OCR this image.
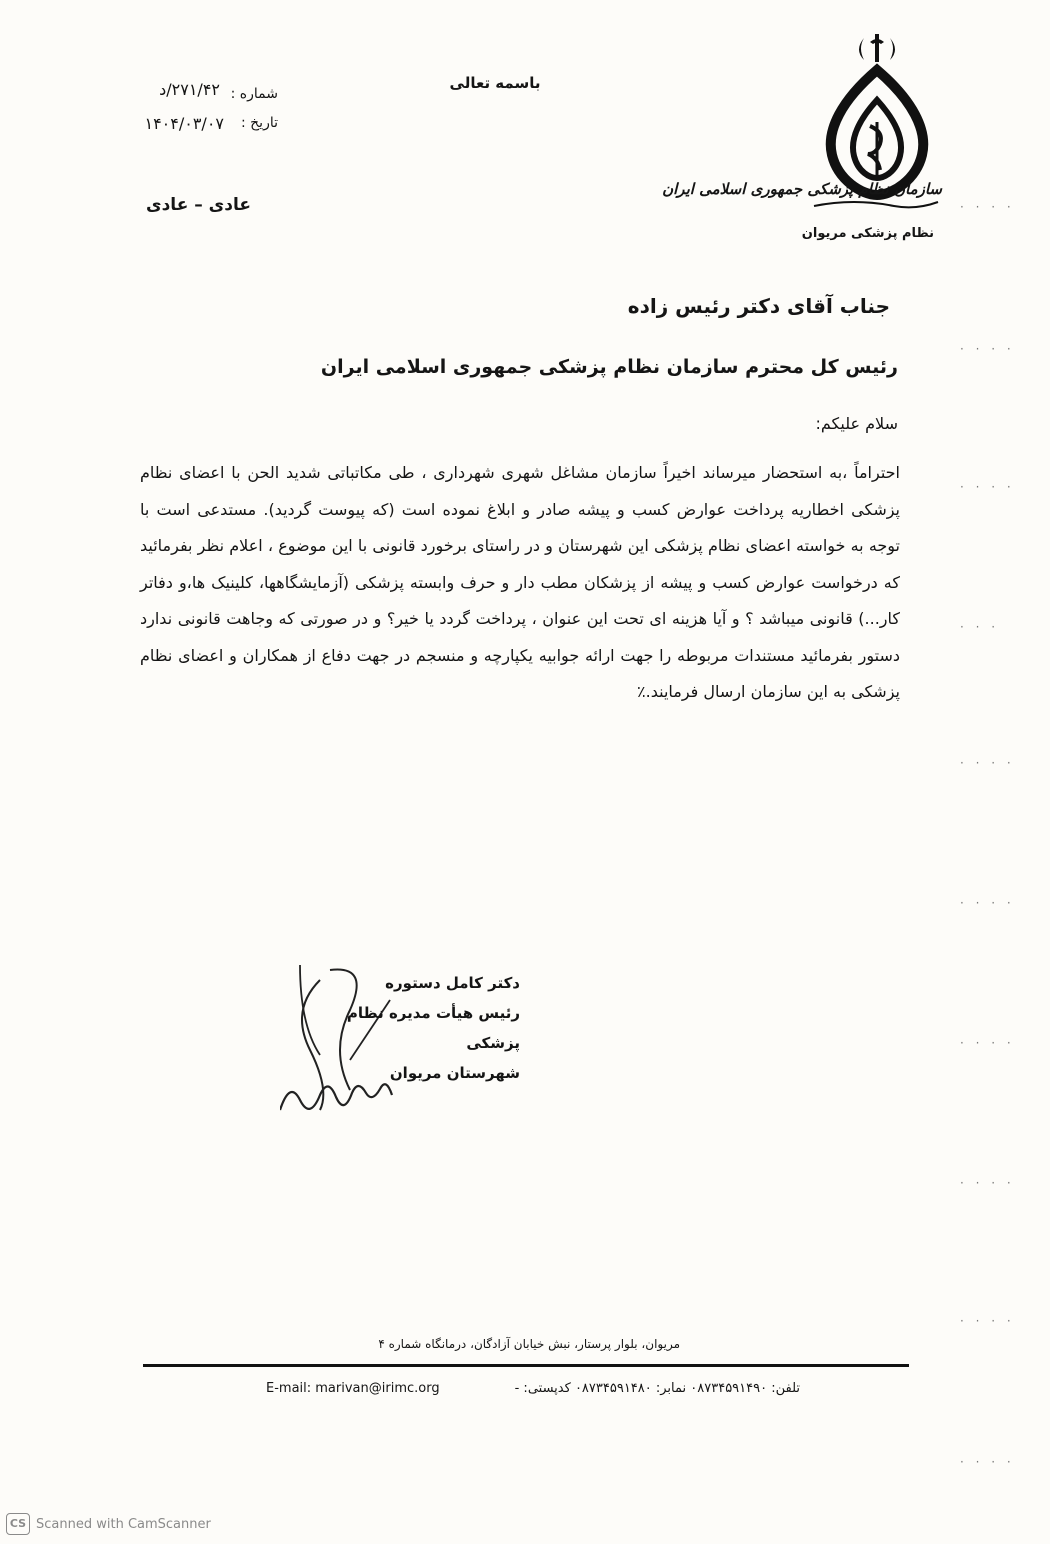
سازمان نظام پزشکی جمهوری اسلامی ایران
نظام پزشکی مریوان
باسمه تعالی
شماره :
۲۷۱/۴۲/د
تاریخ :
۱۴۰۴/۰۳/۰۷
عادی – عادی
جناب آقای دکتر رئیس زاده
رئیس کل محترم سازمان نظام پزشکی جمهوری اسلامی ایران
سلام علیکم:

احتراماً ،به استحضار میرساند اخیراً سازمان مشاغل شهری شهرداری ، طی مکاتباتی شدید الحن با اعضای نظام پزشکی اخطاریه پرداخت عوارض کسب و پیشه صادر و ابلاغ نموده است (که پیوست گردید). مستدعی است با توجه به خواسته اعضای نظام پزشکی این شهرستان و در راستای برخورد قانونی با این موضوع ، اعلام نظر بفرمائید که درخواست عوارض کسب و پیشه از پزشکان مطب دار و حرف وابسته پزشکی (آزمایشگاهها، کلینیک ها،و دفاتر کار...) قانونی میباشد ؟ و آیا هزینه ای تحت این عنوان ، پرداخت گردد یا خیر؟ و در صورتی که وجاهت قانونی ندارد دستور بفرمائید مستندات مربوطه را جهت ارائه جوابیه یکپارچه و منسجم در جهت دفاع از همکاران و اعضای نظام پزشکی به این سازمان ارسال فرمایند.٪

دکتر کامل دستوره
رئیس هیأت مدیره نظام پزشکی
شهرستان مریوان
· · · ·
· · · ·
· · · ·
· · ·
· · · ·
· · · ·
· · · ·
· · · ·
· · · ·
· · · ·
مریوان، بلوار پرستار، نبش خیابان آزادگان، درمانگاه شماره ۴
تلفن: ۰۸۷۳۴۵۹۱۴۹۰ نمابر: ۰۸۷۳۴۵۹۱۴۸۰ کدپستی: -
E-mail: marivan@irimc.org
CS Scanned with CamScanner
